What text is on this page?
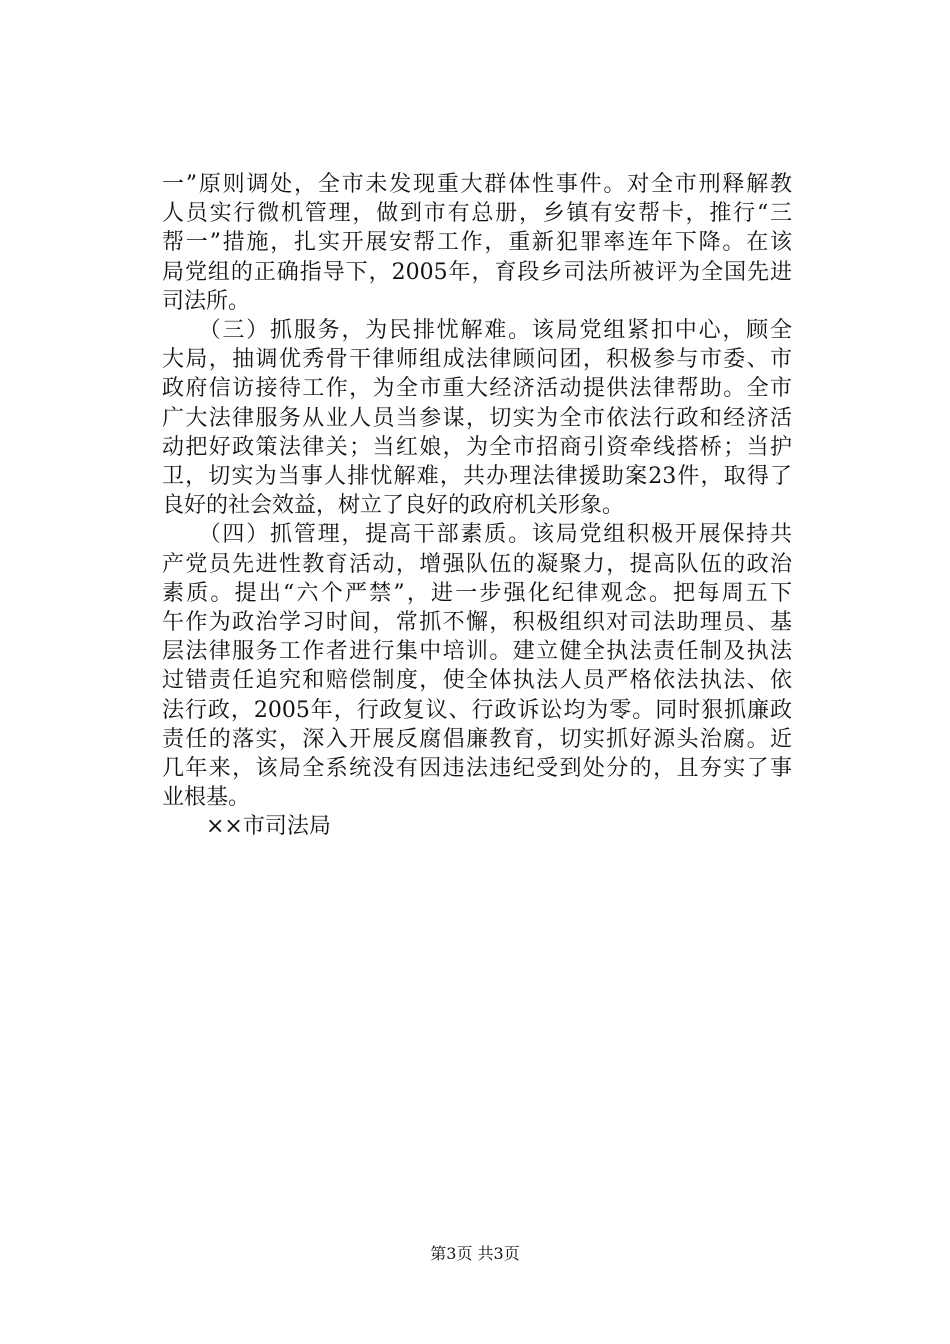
一”原则调处，全市未发现重大群体性事件。对全市刑释解教
人员实行微机管理，做到市有总册，乡镇有安帮卡，推行“三
帮一”措施，扎实开展安帮工作，重新犯罪率连年下降。在该
局党组的正确指导下，2005年，育段乡司法所被评为全国先进
司法所。
　　（三）抓服务，为民排忧解难。该局党组紧扣中心，顾全
大局，抽调优秀骨干律师组成法律顾问团，积极参与市委、市
政府信访接待工作，为全市重大经济活动提供法律帮助。全市
广大法律服务从业人员当参谋，切实为全市依法行政和经济活
动把好政策法律关；当红娘，为全市招商引资牵线搭桥；当护
卫，切实为当事人排忧解难，共办理法律援助案23件，取得了
良好的社会效益，树立了良好的政府机关形象。
　　（四）抓管理，提高干部素质。该局党组积极开展保持共
产党员先进性教育活动，增强队伍的凝聚力，提高队伍的政治
素质。提出“六个严禁”，进一步强化纪律观念。把每周五下
午作为政治学习时间，常抓不懈，积极组织对司法助理员、基
层法律服务工作者进行集中培训。建立健全执法责任制及执法
过错责任追究和赔偿制度，使全体执法人员严格依法执法、依
法行政，2005年，行政复议、行政诉讼均为零。同时狠抓廉政
责任的落实，深入开展反腐倡廉教育，切实抓好源头治腐。近
几年来，该局全系统没有因违法违纪受到处分的，且夯实了事
业根基。
　　××市司法局
第3页 共3页
